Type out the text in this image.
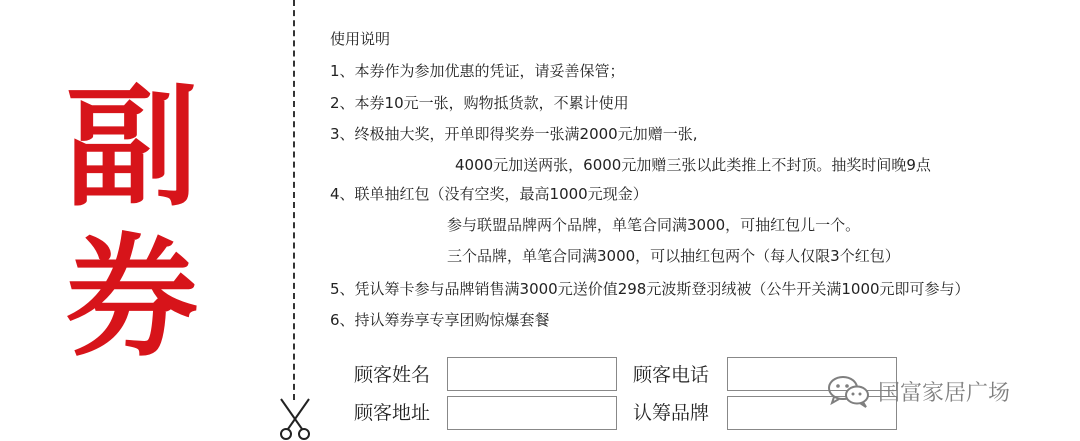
副
券
使用说明
1、本券作为参加优惠的凭证，请妥善保管；
2、本券10元一张，购物抵货款，不累计使用
3、终极抽大奖，开单即得奖券一张满2000元加赠一张,
4000元加送两张，6000元加赠三张以此类推上不封顶。抽奖时间晚9点
4、联单抽红包（没有空奖，最高1000元现金）
参与联盟品牌两个品牌，单笔合同满3000，可抽红包儿一个。
三个品牌，单笔合同满3000，可以抽红包两个（每人仅限3个红包）
5、凭认筹卡参与品牌销售满3000元送价值298元波斯登羽绒被（公牛开关满1000元即可参与）
6、持认筹券享专享团购惊爆套餐
顾客姓名	顾客电话
顾客地址	认筹品牌
国富家居广场
